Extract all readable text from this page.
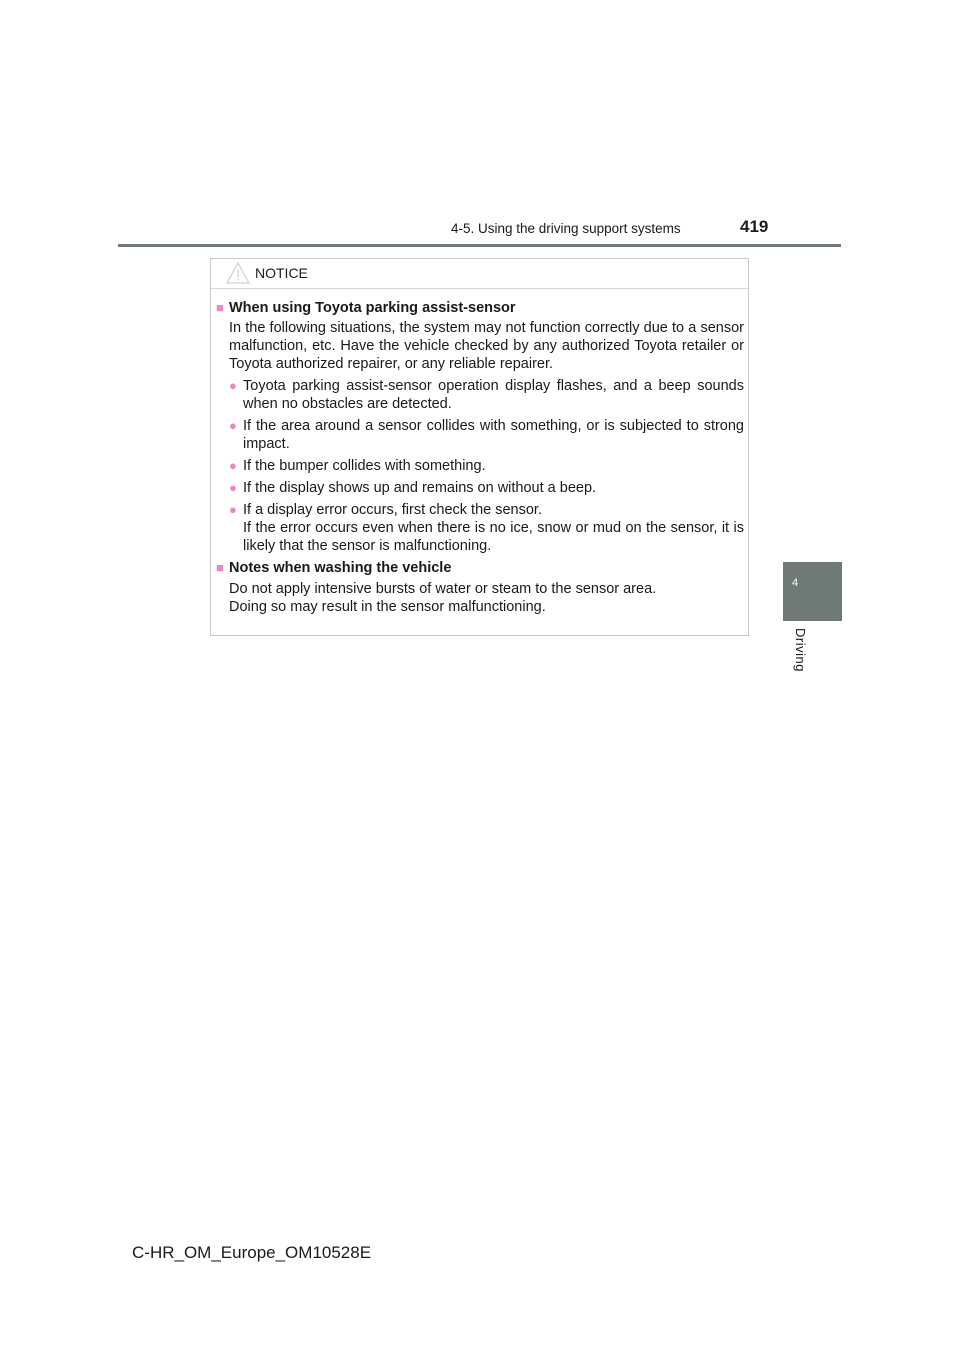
4-5. Using the driving support systems	419
4
Driving
NOTICE
■ When using Toyota parking assist-sensor
In the following situations, the system may not function correctly due to a sensor malfunction, etc. Have the vehicle checked by any authorized Toyota retailer or Toyota authorized repairer, or any reliable repairer.
● Toyota parking assist-sensor operation display flashes, and a beep sounds when no obstacles are detected.
● If the area around a sensor collides with something, or is subjected to strong impact.
● If the bumper collides with something.
● If the display shows up and remains on without a beep.
● If a display error occurs, first check the sensor.
If the error occurs even when there is no ice, snow or mud on the sensor, it is likely that the sensor is malfunctioning.
■ Notes when washing the vehicle
Do not apply intensive bursts of water or steam to the sensor area.
Doing so may result in the sensor malfunctioning.
C-HR_OM_Europe_OM10528E
